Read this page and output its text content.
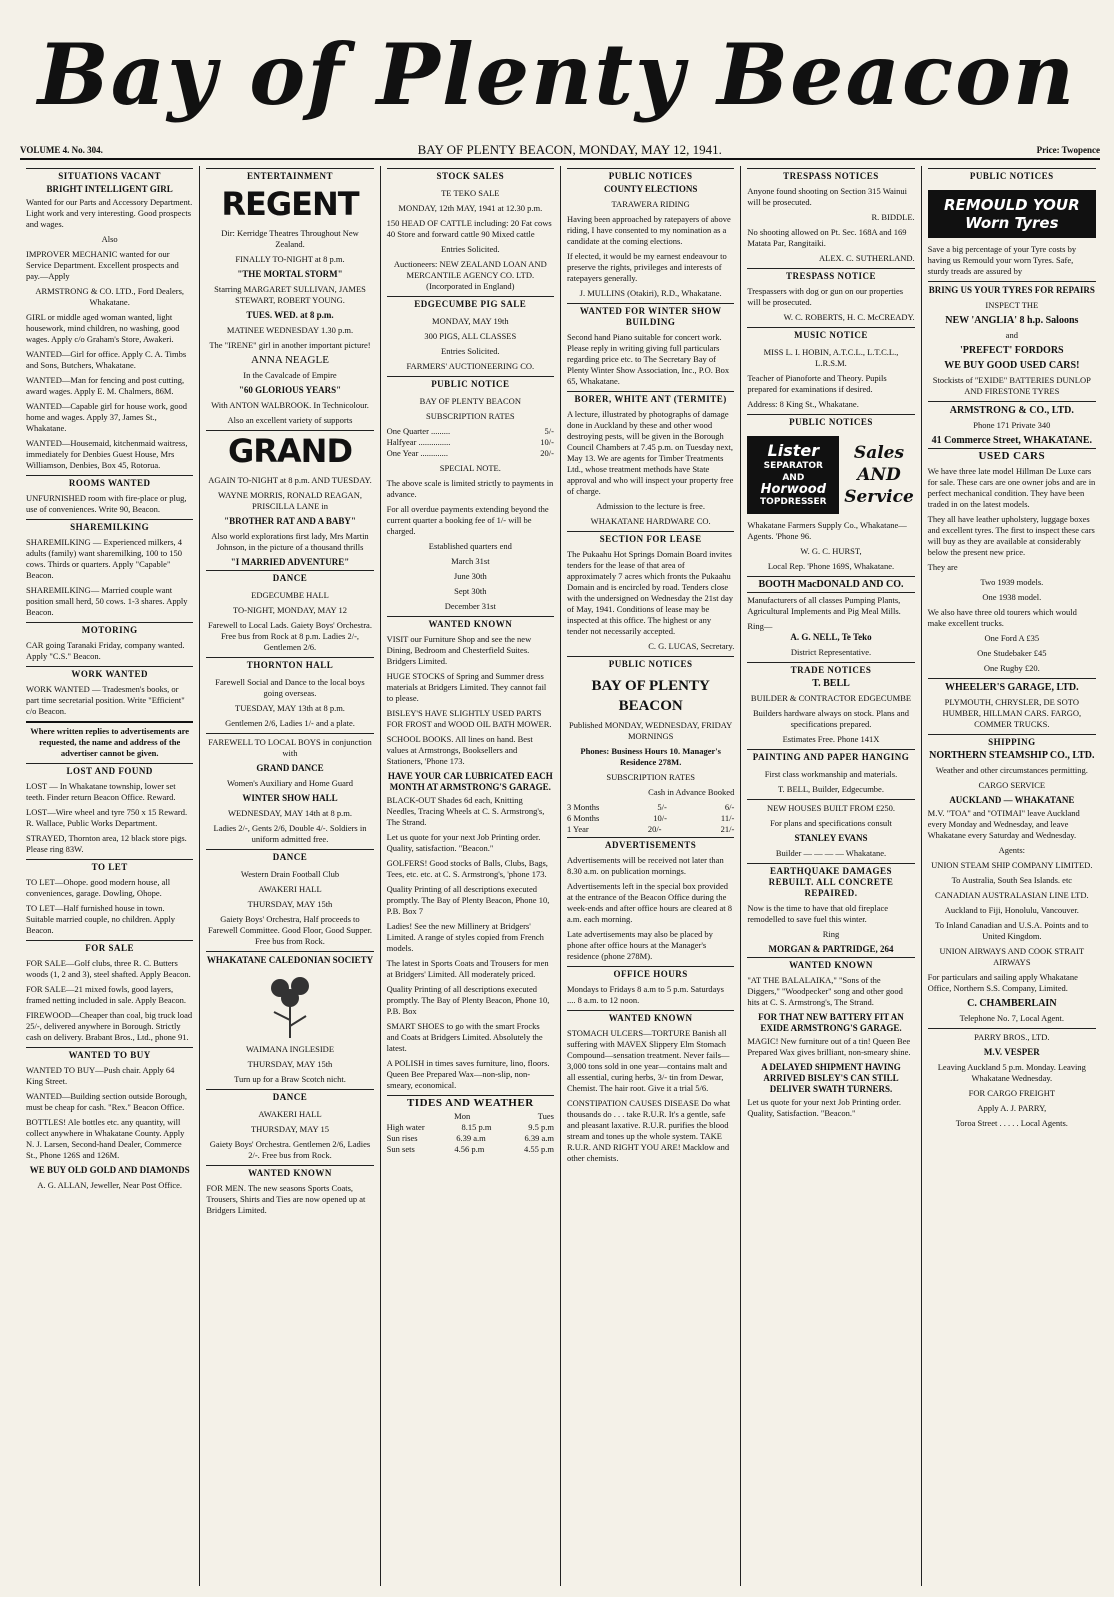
Bay of Plenty Beacon
VOLUME 4. No. 304.	BAY OF PLENTY BEACON, MONDAY, MAY 12, 1941.	Price: Twopence
SITUATIONS VACANT
BRIGHT INTELLIGENT GIRL

Wanted for our Parts and Accessory Department. Light work and very interesting. Good prospects and wages.

Also

IMPROVER MECHANIC wanted for our Service Department. Excellent prospects and pay.—Apply

ARMSTRONG & CO. LTD., Ford Dealers, Whakatane.

GIRL or middle aged woman wanted, light housework, mind children, no washing, good wages. Apply c/o Graham's Store, Awakeri.

WANTED—Girl for office. Apply C. A. Timbs and Sons, Butchers, Whakatane.

WANTED—Man for fencing and post cutting, award wages. Apply E. M. Chalmers, 86M.

WANTED—Capable girl for house work, good home and wages. Apply 37, James St., Whakatane.

WANTED—Housemaid, kitchenmaid waitress, immediately for Denbies Guest House, Mrs Williamson, Denbies, Box 45, Rotorua.

ROOMS WANTED

UNFURNISHED room with fire-place or plug, use of conveniences. Write 90, Beacon.

SHAREMILKING

SHAREMILKING — Experienced milkers, 4 adults (family) want sharemilking, 100 to 150 cows. Thirds or quarters. Apply "Capable" Beacon.

SHAREMILKING— Married couple want position small herd, 50 cows. 1-3 shares. Apply Beacon.

MOTORING

CAR going Taranaki Friday, company wanted. Apply "C.S." Beacon.

WORK WANTED

WORK WANTED — Tradesmen's books, or part time secretarial position. Write "Efficient" c/o Beacon.

Where written replies to advertisements are requested, the name and address of the advertiser cannot be given.
LOST AND FOUND

LOST — In Whakatane township, lower set teeth. Finder return Beacon Office. Reward.

LOST—Wire wheel and tyre 750 x 15 Reward. R. Wallace, Public Works Department.

STRAYED, Thornton area, 12 black store pigs. Please ring 83W.

TO LET

TO LET—Ohope. good modern house, all conveniences, garage. Dowling, Ohope.

TO LET—Half furnished house in town. Suitable married couple, no children. Apply Beacon.

FOR SALE

FOR SALE—Golf clubs, three R. C. Butters woods (1, 2 and 3), steel shafted. Apply Beacon.

FOR SALE—21 mixed fowls, good layers, framed netting included in sale. Apply Beacon.

FIREWOOD—Cheaper than coal, big truck load 25/-, delivered anywhere in Borough. Strictly cash on delivery. Brabant Bros., Ltd., phone 91.

WANTED TO BUY

WANTED TO BUY—Push chair. Apply 64 King Street.

WANTED—Building section outside Borough, must be cheap for cash. "Rex." Beacon Office.

BOTTLES! Ale bottles etc. any quantity, will collect anywhere in Whakatane County. Apply N. J. Larsen, Second-hand Dealer, Commerce St., Phone 126S and 126M.

WE BUY OLD GOLD AND DIAMONDS
A. G. ALLAN, Jeweller, Near Post Office.
ENTERTAINMENT
REGENT
Dir: Kerridge Theatres Throughout New Zealand.
FINALLY TO-NIGHT at 8 p.m.
"THE MORTAL STORM"
Starring MARGARET SULLIVAN, JAMES STEWART, ROBERT YOUNG.
TUES. WED. at 8 p.m.
MATINEE WEDNESDAY 1.30 p.m.
The "IRENE" girl in another important picture!
ANNA NEAGLE
In the Cavalcade of Empire
"60 GLORIOUS YEARS"
With ANTON WALBROOK. In Technicolour.
Also an excellent variety of supports
GRAND
AGAIN TO-NIGHT at 8 p.m. AND TUESDAY.
WAYNE MORRIS, RONALD REAGAN, PRISCILLA LANE in
"BROTHER RAT AND A BABY"
Also world explorations first lady, Mrs Martin Johnson, in the picture of a thousand thrills
"I MARRIED ADVENTURE"
DANCE
EDGECUMBE HALL
TO-NIGHT, MONDAY, MAY 12
Farewell to Local Lads. Gaiety Boys' Orchestra. Free bus from Rock at 8 p.m. Ladies 2/-, Gentlemen 2/6.
THORNTON HALL
Farewell Social and Dance to the local boys going overseas.
TUESDAY, MAY 13th at 8 p.m.
Gentlemen 2/6, Ladies 1/- and a plate.
FAREWELL TO LOCAL BOYS in conjunction with
GRAND DANCE
Women's Auxiliary and Home Guard
WINTER SHOW HALL
WEDNESDAY, MAY 14th at 8 p.m.
Ladies 2/-, Gents 2/6, Double 4/-. Soldiers in uniform admitted free.
DANCE
Western Drain Football Club
AWAKERI HALL
THURSDAY, MAY 15th
Gaiety Boys' Orchestra, Half proceeds to Farewell Committee. Good Floor, Good Supper. Free bus from Rock.
WHAKATANE CALEDONIAN SOCIETY
WAIMANA INGLESIDE
THURSDAY, MAY 15th
Turn up for a Braw Scotch nicht.
DANCE
AWAKERI HALL
THURSDAY, MAY 15
Gaiety Boys' Orchestra. Gentlemen 2/6, Ladies 2/-. Free bus from Rock.
WANTED KNOWN

FOR MEN. The new seasons Sports Coats, Trousers, Shirts and Ties are now opened up at Bridgers Limited.

STOCK SALES
TE TEKO SALE
MONDAY, 12th MAY, 1941 at 12.30 p.m.

150 HEAD OF CATTLE including: 20 Fat cows 40 Store and forward cattle 90 Mixed cattle

Entries Solicited.
Auctioneers: NEW ZEALAND LOAN AND MERCANTILE AGENCY CO. LTD. (Incorporated in England)
EDGECUMBE PIG SALE
MONDAY, MAY 19th
300 PIGS, ALL CLASSES
Entries Solicited.
FARMERS' AUCTIONEERING CO.
PUBLIC NOTICE
BAY OF PLENTY BEACON
SUBSCRIPTION RATES
One Quarter .........	5/-
Halfyear ...............	10/-
One Year .............	20/-
SPECIAL NOTE.

The above scale is limited strictly to payments in advance.

For all overdue payments extending beyond the current quarter a booking fee of 1/- will be charged.

Established quarters end
March 31st
June 30th
Sept 30th
December 31st
WANTED KNOWN

VISIT our Furniture Shop and see the new Dining, Bedroom and Chesterfield Suites. Bridgers Limited.

HUGE STOCKS of Spring and Summer dress materials at Bridgers Limited. They cannot fail to please.

BISLEY'S HAVE SLIGHTLY USED PARTS FOR FROST and WOOD OIL BATH MOWER.

SCHOOL BOOKS. All lines on hand. Best values at Armstrongs, Booksellers and Stationers, 'Phone 173.

HAVE YOUR CAR LUBRICATED EACH MONTH AT ARMSTRONG'S GARAGE.

BLACK-OUT Shades 6d each, Knitting Needles, Tracing Wheels at C. S. Armstrong's, The Strand.

Let us quote for your next Job Printing order. Quality, satisfaction. "Beacon."

GOLFERS! Good stocks of Balls, Clubs, Bags, Tees, etc. etc. at C. S. Armstrong's, 'phone 173.

Quality Printing of all descriptions executed promptly. The Bay of Plenty Beacon, Phone 10, P.B. Box 7

Ladies! See the new Millinery at Bridgers' Limited. A range of styles copied from French models.

The latest in Sports Coats and Trousers for men at Bridgers' Limited. All moderately priced.

Quality Printing of all descriptions executed promptly. The Bay of Plenty Beacon, Phone 10, P.B. Box

SMART SHOES to go with the smart Frocks and Coats at Bridgers Limited. Absolutely the latest.

A POLISH in times saves furniture, lino, floors. Queen Bee Prepared Wax—non-slip, non-smeary, economical.

TIDES AND WEATHER
Mon	Tues
High water	8.15 p.m	9.5 p.m
Sun rises	6.39 a.m	6.39 a.m
Sun sets	4.56 p.m	4.55 p.m
PUBLIC NOTICES
COUNTY ELECTIONS
TARAWERA RIDING

Having been approached by ratepayers of above riding, I have consented to my nomination as a candidate at the coming elections.

If elected, it would be my earnest endeavour to preserve the rights, privileges and interests of ratepayers generally.

J. MULLINS (Otakiri), R.D., Whakatane.
WANTED FOR WINTER SHOW BUILDING

Second hand Piano suitable for concert work. Please reply in writing giving full particulars regarding price etc. to The Secretary Bay of Plenty Winter Show Association, Inc., P.O. Box 65, Whakatane.

BORER, WHITE ANT (TERMITE)

A lecture, illustrated by photographs of damage done in Auckland by these and other wood destroying pests, will be given in the Borough Council Chambers at 7.45 p.m. on Tuesday next, May 13. We are agents for Timber Treatments Ltd., whose treatment methods have State approval and who will inspect your property free of charge.

Admission to the lecture is free.
WHAKATANE HARDWARE CO.
SECTION FOR LEASE

The Pukaahu Hot Springs Domain Board invites tenders for the lease of that area of approximately 7 acres which fronts the Pukaahu Domain and is encircled by road. Tenders close with the undersigned on Wednesday the 21st day of May, 1941. Conditions of lease may be inspected at this office. The highest or any tender not necessarily accepted.

C. G. LUCAS, Secretary.
PUBLIC NOTICES
BAY OF PLENTY BEACON
Published MONDAY, WEDNESDAY, FRIDAY MORNINGS
Phones: Business Hours 10. Manager's Residence 278M.
SUBSCRIPTION RATES
Cash in Advance Booked
3 Months	5/-	6/-
6 Months	10/-	11/-
1 Year	20/-	21/-
ADVERTISEMENTS

Advertisements will be received not later than 8.30 a.m. on publication mornings.

Advertisements left in the special box provided at the entrance of the Beacon Office during the week-ends and after office hours are cleared at 8 a.m. each morning.

Late advertisements may also be placed by phone after office hours at the Manager's residence (phone 278M).

OFFICE HOURS

Mondays to Fridays 8 a.m to 5 p.m. Saturdays .... 8 a.m. to 12 noon.

WANTED KNOWN

STOMACH ULCERS—TORTURE Banish all suffering with MAVEX Slippery Elm Stomach Compound—sensation treatment. Never fails—3,000 tons sold in one year—contains malt and all essential, curing herbs, 3/- tin from Dewar, Chemist. The hair root. Give it a trial 5/6.

CONSTIPATION CAUSES DISEASE Do what thousands do . . . take R.U.R. It's a gentle, safe and pleasant laxative. R.U.R. purifies the blood stream and tones up the whole system. TAKE R.U.R. AND RIGHT YOU ARE! Macklow and other chemists.

TRESPASS NOTICES

Anyone found shooting on Section 315 Wainui will be prosecuted.

R. BIDDLE.

No shooting allowed on Pt. Sec. 168A and 169 Matata Par, Rangitaiki.

ALEX. C. SUTHERLAND.
TRESPASS NOTICE

Trespassers with dog or gun on our properties will be prosecuted.

W. C. ROBERTS, H. C. McCREADY.
MUSIC NOTICE
MISS L. I. HOBIN, A.T.C.L., L.T.C.L., L.R.S.M.

Teacher of Pianoforte and Theory. Pupils prepared for examinations if desired.

Address: 8 King St., Whakatane.

PUBLIC NOTICES
Lister
SEPARATOR
AND
Horwood
TOPDRESSER
Sales AND Service

Whakatane Farmers Supply Co., Whakatane— Agents. 'Phone 96.

W. G. C. HURST,
Local Rep. 'Phone 169S, Whakatane.
BOOTH MacDONALD AND CO.

Manufacturers of all classes Pumping Plants, Agricultural Implements and Pig Meal Mills.

Ring—
A. G. NELL, Te Teko
District Representative.
TRADE NOTICES
T. BELL
BUILDER & CONTRACTOR EDGECUMBE
Builders hardware always on stock. Plans and specifications prepared.
Estimates Free. Phone 141X
PAINTING AND PAPER HANGING
First class workmanship and materials.
T. BELL, Builder, Edgecumbe.
NEW HOUSES BUILT FROM £250.
For plans and specifications consult
STANLEY EVANS
Builder — — — — Whakatane.
EARTHQUAKE DAMAGES REBUILT. ALL CONCRETE REPAIRED.

Now is the time to have that old fireplace remodelled to save fuel this winter.

Ring
MORGAN & PARTRIDGE, 264
WANTED KNOWN

"AT THE BALALAIKA," "Sons of the Diggers," "Woodpecker" song and other good hits at C. S. Armstrong's, The Strand.

FOR THAT NEW BATTERY FIT AN EXIDE ARMSTRONG'S GARAGE.

MAGIC! New furniture out of a tin! Queen Bee Prepared Wax gives brilliant, non-smeary shine.

A DELAYED SHIPMENT HAVING ARRIVED BISLEY'S CAN STILL DELIVER SWATH TURNERS.

Let us quote for your next Job Printing order. Quality, Satisfaction. "Beacon."

PUBLIC NOTICES
REMOULD YOUR Worn Tyres

Save a big percentage of your Tyre costs by having us Remould your worn Tyres. Safe, sturdy treads are assured by

BRING US YOUR TYRES FOR REPAIRS
INSPECT THE
NEW 'ANGLIA' 8 h.p. Saloons
and
'PREFECT' FORDORS
WE BUY GOOD USED CARS!
Stockists of "EXIDE" BATTERIES DUNLOP AND FIRESTONE TYRES
ARMSTRONG & CO., LTD.
Phone 171 Private 340
41 Commerce Street, WHAKATANE.
USED CARS

We have three late model Hillman De Luxe cars for sale. These cars are one owner jobs and are in perfect mechanical condition. They have been traded in on the latest models.

They all have leather upholstery, luggage boxes and excellent tyres. The first to inspect these cars will buy as they are available at considerably below the present new price.

They are
Two 1939 models.
One 1938 model.

We also have three old tourers which would make excellent trucks.

One Ford A £35
One Studebaker £45
One Rugby £20.
WHEELER'S GARAGE, LTD.
PLYMOUTH, CHRYSLER, DE SOTO HUMBER, HILLMAN CARS. FARGO, COMMER TRUCKS.
SHIPPING
NORTHERN STEAMSHIP CO., LTD.
Weather and other circumstances permitting.
CARGO SERVICE
AUCKLAND — WHAKATANE

M.V. "TOA" and "OTIMAI" leave Auckland every Monday and Wednesday, and leave Whakatane every Saturday and Wednesday.

Agents:
UNION STEAM SHIP COMPANY LIMITED.
To Australia, South Sea Islands. etc
CANADIAN AUSTRALASIAN LINE LTD.
Auckland to Fiji, Honolulu, Vancouver.
To Inland Canadian and U.S.A. Points and to United Kingdom.
UNION AIRWAYS AND COOK STRAIT AIRWAYS

For particulars and sailing apply Whakatane Office, Northern S.S. Company, Limited.

C. CHAMBERLAIN
Telephone No. 7, Local Agent.
PARRY BROS., LTD.
M.V. VESPER
Leaving Auckland 5 p.m. Monday. Leaving Whakatane Wednesday.
FOR CARGO FREIGHT
Apply A. J. PARRY,
Toroa Street . . . . . Local Agents.
